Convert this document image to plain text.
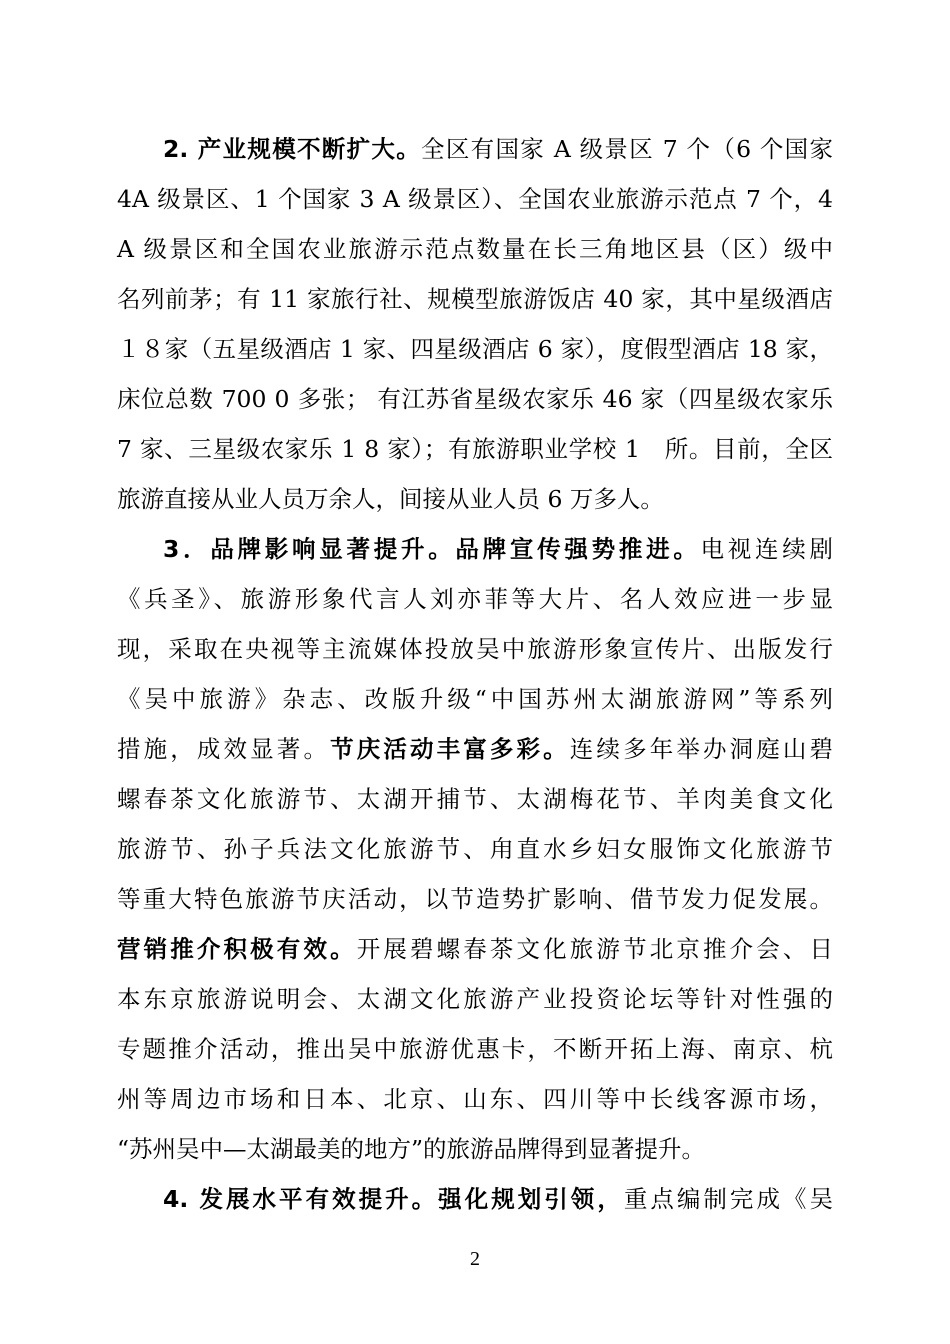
2. 产业规模不断扩大。全区有国家 A 级景区 7 个（6 个国家
4A 级景区、1 个国家 3 A 级景区）、全国农业旅游示范点 7 个，4
A 级景区和全国农业旅游示范点数量在长三角地区县（区）级中
名列前茅；有 11 家旅行社、规模型旅游饭店 40 家，其中星级酒店
１８家（五星级酒店 1 家、四星级酒店 6 家），度假型酒店 18 家，
床位总数 700 0 多张； 有江苏省星级农家乐 46 家（四星级农家乐
7 家、三星级农家乐 1 8 家）；有旅游职业学校 1　所。目前，全区
旅游直接从业人员万余人，间接从业人员 6 万多人。
3．品牌影响显著提升。品牌宣传强势推进。电视连续剧
《兵圣》、旅游形象代言人刘亦菲等大片、名人效应进一步显
现，采取在央视等主流媒体投放吴中旅游形象宣传片、出版发行
《吴中旅游》杂志、改版升级“中国苏州太湖旅游网”等系列
措施，成效显著。节庆活动丰富多彩。连续多年举办洞庭山碧
螺春茶文化旅游节、太湖开捕节、太湖梅花节、羊肉美食文化
旅游节、孙子兵法文化旅游节、甪直水乡妇女服饰文化旅游节
等重大特色旅游节庆活动，以节造势扩影响、借节发力促发展。
营销推介积极有效。开展碧螺春茶文化旅游节北京推介会、日
本东京旅游说明会、太湖文化旅游产业投资论坛等针对性强的
专题推介活动，推出吴中旅游优惠卡，不断开拓上海、南京、杭
州等周边市场和日本、北京、山东、四川等中长线客源市场，
“苏州吴中—太湖最美的地方”的旅游品牌得到显著提升。
4. 发展水平有效提升。强化规划引领，重点编制完成《吴
2
